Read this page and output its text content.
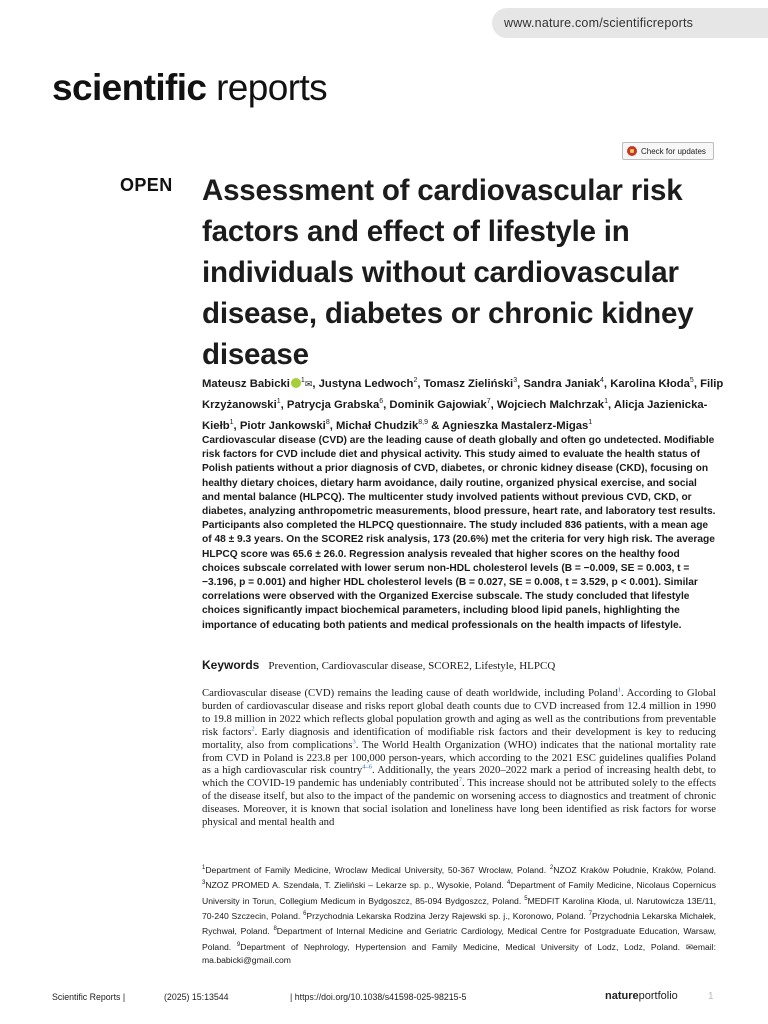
www.nature.com/scientificreports
scientific reports
Check for updates
OPEN Assessment of cardiovascular risk factors and effect of lifestyle in individuals without cardiovascular disease, diabetes or chronic kidney disease

Mateusz Babicki $^1$✉, Justyna Ledwoch$^2$, Tomasz Zieliński$^3$, Sandra Janiak$^4$, Karolina Kłoda$^5$, Filip Krzyżanowski$^1$, Patrycja Grabska$^6$, Dominik Gajowiak$^7$, Wojciech Malchrzak$^1$, Alicja Jazienicka-Kiełb$^1$, Piotr Jankowski$^8$, Michał Chudzik$^{8,9}$ & Agnieszka Mastalerz-Migas$^1$

Cardiovascular disease (CVD) are the leading cause of death globally and often go undetected. Modifiable risk factors for CVD include diet and physical activity. This study aimed to evaluate the health status of Polish patients without a prior diagnosis of CVD, diabetes, or chronic kidney disease (CKD), focusing on healthy dietary choices, dietary harm avoidance, daily routine, organized physical exercise, and social and mental balance (HLPCQ). The multicenter study involved patients without previous CVD, CKD, or diabetes, analyzing anthropometric measurements, blood pressure, heart rate, and laboratory test results. Participants also completed the HLPCQ questionnaire. The study included 836 patients, with a mean age of 48 ± 9.3 years. On the SCORE2 risk analysis, 173 (20.6%) met the criteria for very high risk. The average HLPCQ score was 65.6 ± 26.0. Regression analysis revealed that higher scores on the healthy food choices subscale correlated with lower serum non-HDL cholesterol levels (B = −0.009, SE = 0.003, t = −3.196, p = 0.001) and higher HDL cholesterol levels (B = 0.027, SE = 0.008, t = 3.529, p < 0.001). Similar correlations were observed with the Organized Exercise subscale. The study concluded that lifestyle choices significantly impact biochemical parameters, including blood lipid panels, highlighting the importance of educating both patients and medical professionals on the health impacts of lifestyle.

Keywords Prevention, Cardiovascular disease, SCORE2, Lifestyle, HLPCQ

Cardiovascular disease (CVD) remains the leading cause of death worldwide, including Poland$^1$. According to Global burden of cardiovascular disease and risks report global death counts due to CVD increased from 12.4 million in 1990 to 19.8 million in 2022 which reflects global population growth and aging as well as the contributions from preventable risk factors$^2$. Early diagnosis and identification of modifiable risk factors and their development is key to reducing mortality, also from complications$^3$. The World Health Organization (WHO) indicates that the national mortality rate from CVD in Poland is 223.8 per 100,000 person-years, which according to the 2021 ESC guidelines qualifies Poland as a high cardiovascular risk country$^{4-6}$. Additionally, the years 2020–2022 mark a period of increasing health debt, to which the COVID-19 pandemic has undeniably contributed$^7$. This increase should not be attributed solely to the effects of the disease itself, but also to the impact of the pandemic on worsening access to diagnostics and treatment of chronic diseases. Moreover, it is known that social isolation and loneliness have long been identified as risk factors for worse physical and mental health and

$^1$Department of Family Medicine, Wroclaw Medical University, 50-367 Wrocław, Poland. $^2$NZOZ Kraków Południe, Kraków, Poland. $^3$NZOZ PROMED A. Szendała, T. Zieliński – Lekarze sp. p., Wysokie, Poland. $^4$Department of Family Medicine, Nicolaus Copernicus University in Torun, Collegium Medicum in Bydgoszcz, 85-094 Bydgoszcz, Poland. $^5$MEDFIT Karolina Kłoda, ul. Narutowicza 13E/11, 70-240 Szczecin, Poland. $^6$Przychodnia Lekarska Rodzina Jerzy Rajewski sp. j., Koronowo, Poland. $^7$Przychodnia Lekarska Michałek, Rychwał, Poland. $^8$Department of Internal Medicine and Geriatric Cardiology, Medical Centre for Postgraduate Education, Warsaw, Poland. $^9$Department of Nephrology, Hypertension and Family Medicine, Medical University of Lodz, Lodz, Poland. ✉email: ma.babicki@gmail.com

Scientific Reports |	(2025) 15:13544	| https://doi.org/10.1038/s41598-025-98215-5	natureportfolio	1
